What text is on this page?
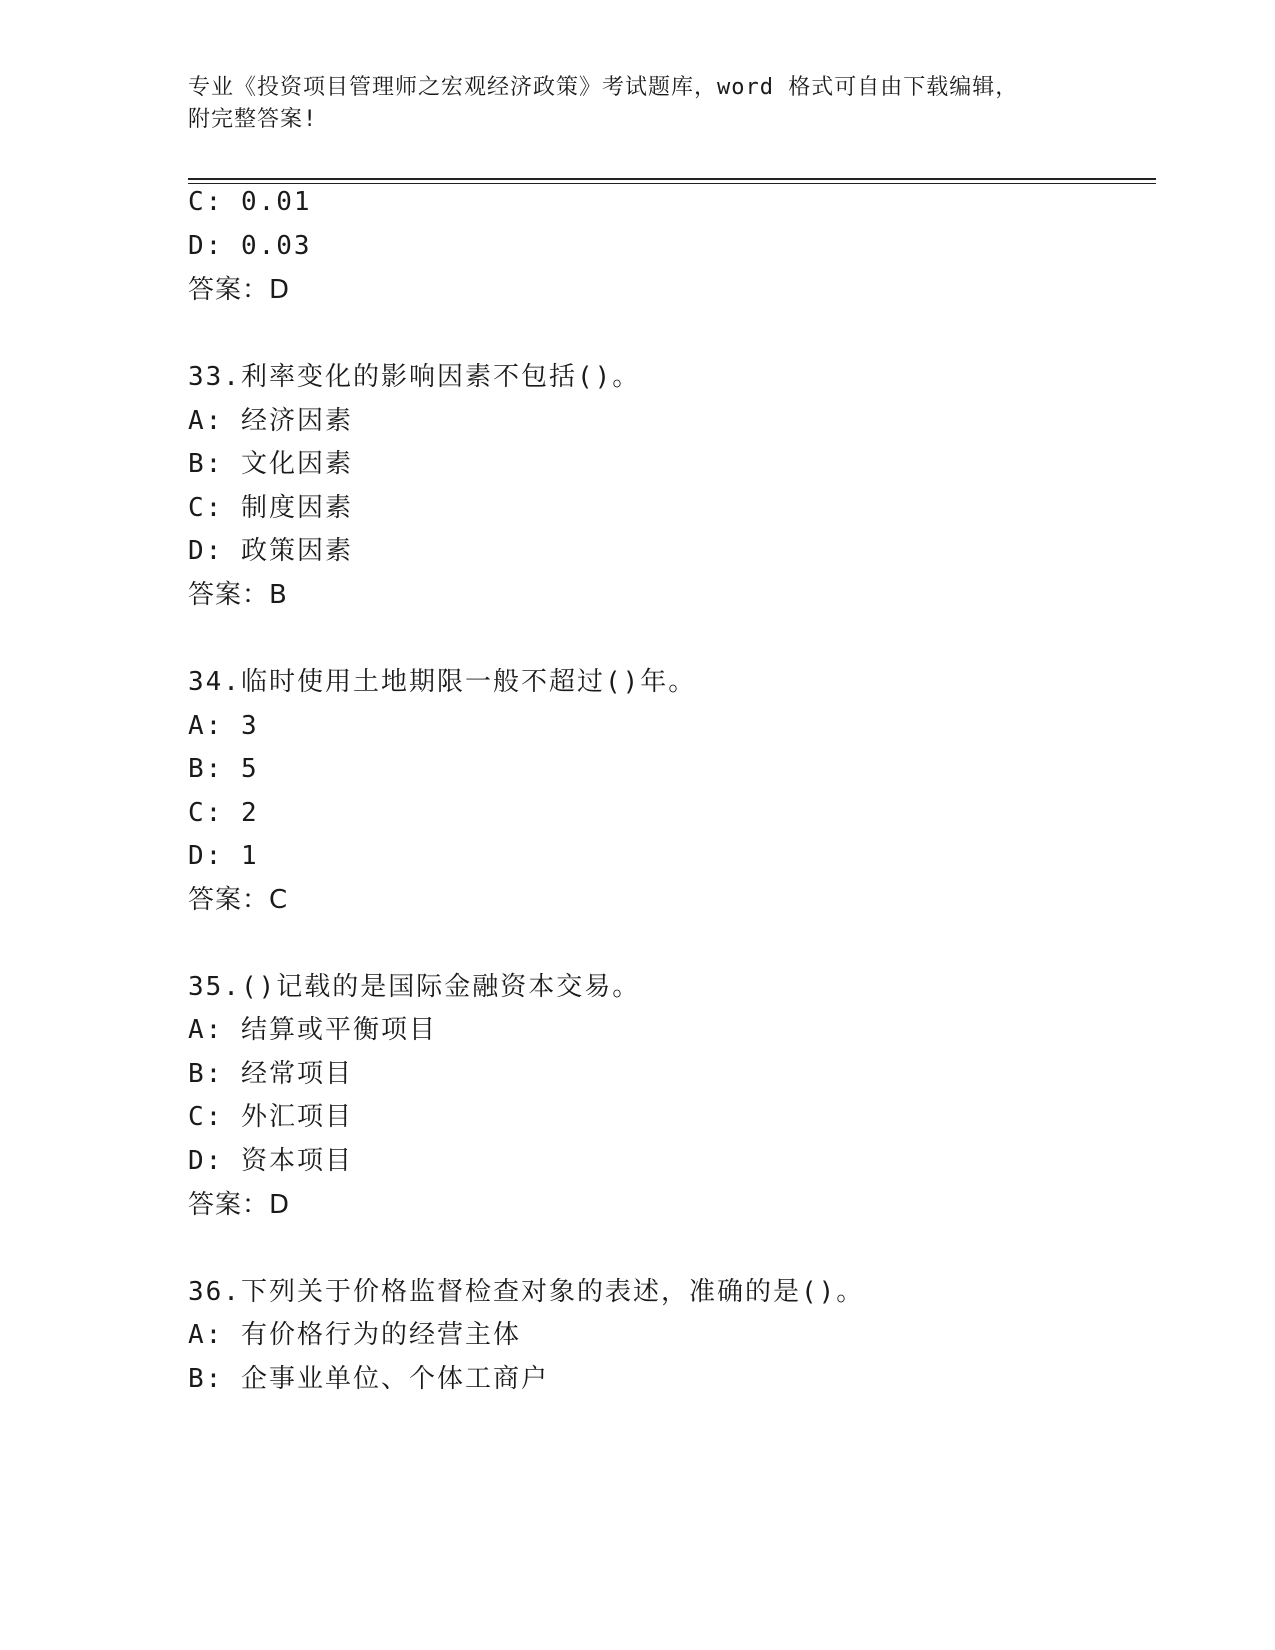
专业《投资项目管理师之宏观经济政策》考试题库，word 格式可自由下载编辑，
附完整答案!
C: 0.01
D: 0.03
答案：D
33.利率变化的影响因素不包括()。
A: 经济因素
B: 文化因素
C: 制度因素
D: 政策因素
答案：B
34.临时使用土地期限一般不超过()年。
A: 3
B: 5
C: 2
D: 1
答案：C
35.()记载的是国际金融资本交易。
A: 结算或平衡项目
B: 经常项目
C: 外汇项目
D: 资本项目
答案：D
36.下列关于价格监督检查对象的表述，准确的是()。
A: 有价格行为的经营主体
B: 企事业单位、个体工商户
